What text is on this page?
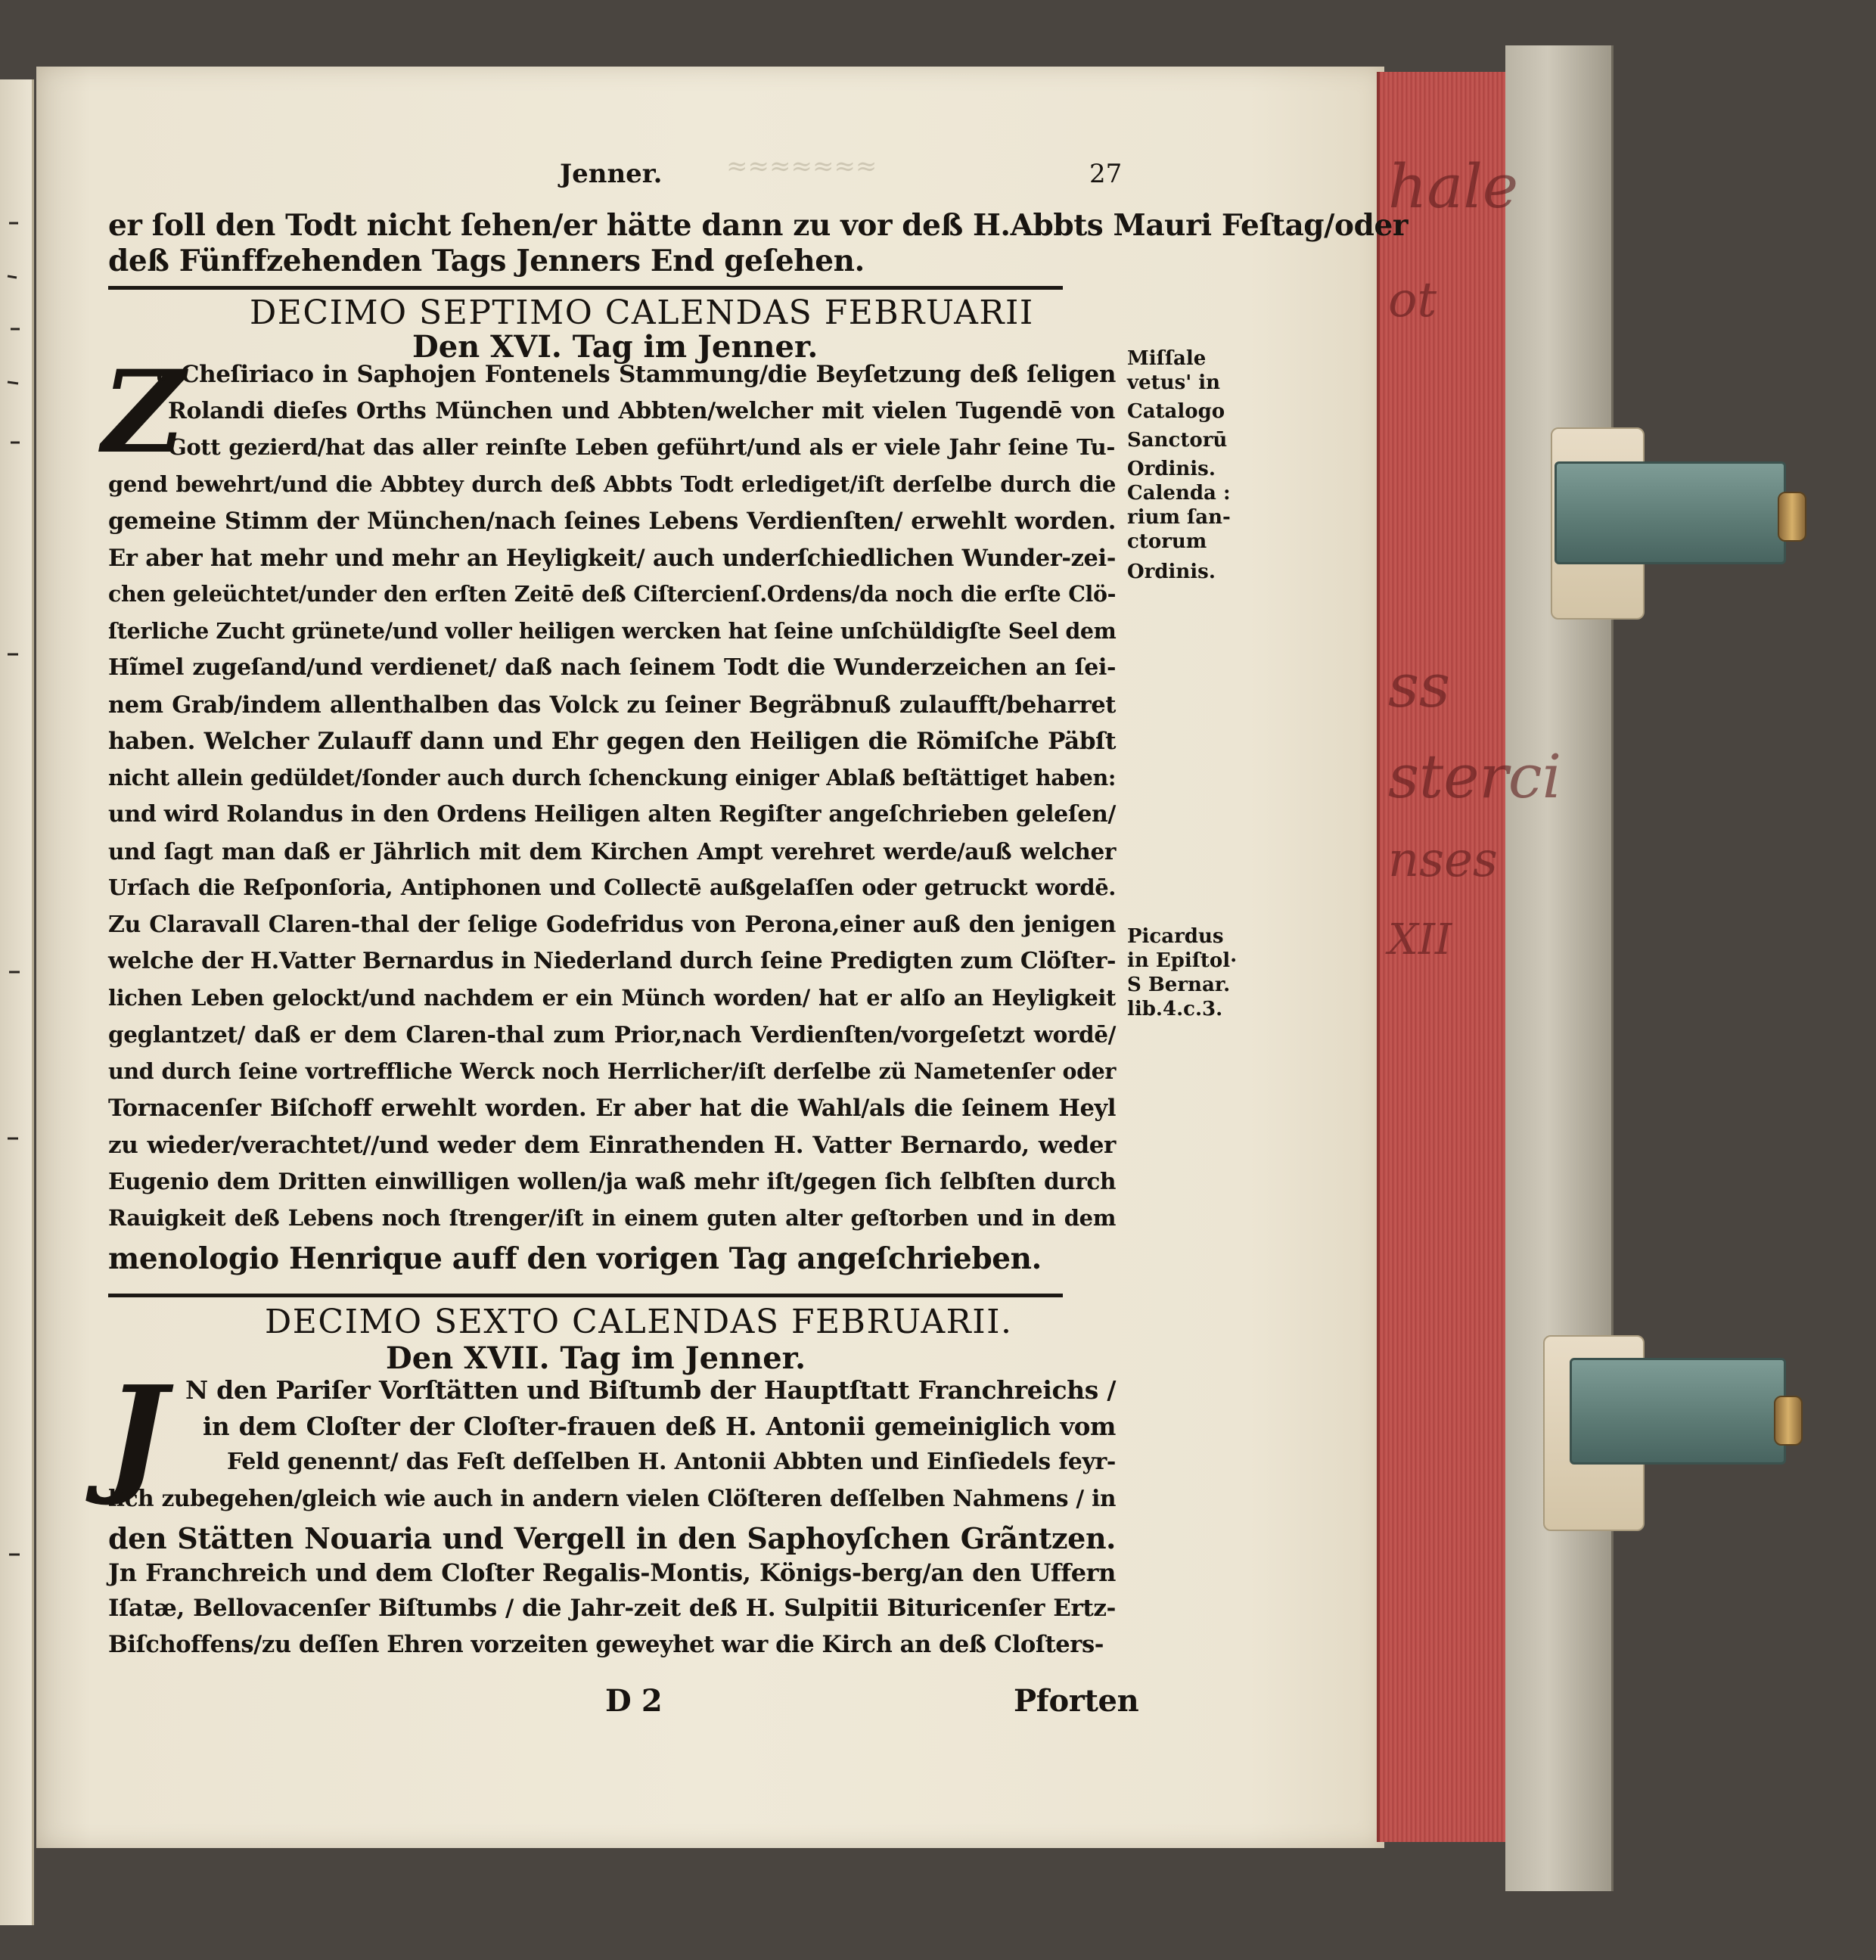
hale
ot
ss
sterci
nses
XII
≈≈≈≈≈≈≈
Jenner.	27
er ſoll den Todt nicht ſehen/er hätte dann zu vor deß H.Abbts Mauri Feſtag/oder
deß Fünffzehenden Tags Jenners End geſehen.
DECIMO SEPTIMO CALENDAS FEBRUARII
Den XVI. Tag im Jenner.
Z
u Cheſiriaco in Saphojen Fontenels Stammung/die Beyſetzung deß ſeligen
Rolandi dieſes Orths München und Abbten/welcher mit vielen Tugendē von
Gott gezierd/hat das aller reinſte Leben geführt/und als er viele Jahr ſeine Tu-
gend bewehrt/und die Abbtey durch deß Abbts Todt erlediget/iſt derſelbe durch die
gemeine Stimm der München/nach ſeines Lebens Verdienſten/ erwehlt worden.
Er aber hat mehr und mehr an Heyligkeit/ auch underſchiedlichen Wunder-zei-
chen geleüchtet/under den erſten Zeitē deß Ciſtercienſ.Ordens/da noch die erſte Clö-
ſterliche Zucht grünete/und voller heiligen wercken hat ſeine unſchüldigſte Seel dem
Hĩmel zugeſand/und verdienet/ daß nach ſeinem Todt die Wunderzeichen an ſei-
nem Grab/indem allenthalben das Volck zu ſeiner Begräbnuß zulaufft/beharret
haben. Welcher Zulauff dann und Ehr gegen den Heiligen die Römiſche Päbſt
nicht allein gedüldet/ſonder auch durch ſchenckung einiger Ablaß beſtättiget haben:
und wird Rolandus in den Ordens Heiligen alten Regiſter angeſchrieben geleſen/
und ſagt man daß er Jährlich mit dem Kirchen Ampt verehret werde/auß welcher
Urſach die Reſponſoria, Antiphonen und Collectē außgelaſſen oder getruckt wordē.
Zu Claravall Claren-thal der ſelige Godefridus von Perona,einer auß den jenigen
welche der H.Vatter Bernardus in Niederland durch ſeine Predigten zum Clöſter-
lichen Leben gelockt/und nachdem er ein Münch worden/ hat er alſo an Heyligkeit
geglantzet/ daß er dem Claren-thal zum Prior,nach Verdienſten/vorgeſetzt wordē/
und durch ſeine vortreffliche Werck noch Herrlicher/iſt derſelbe zü Nametenſer oder
Tornacenſer Biſchoff erwehlt worden. Er aber hat die Wahl/als die ſeinem Heyl
zu wieder/verachtet//und weder dem Einrathenden H. Vatter Bernardo, weder
Eugenio dem Dritten einwilligen wollen/ja waß mehr iſt/gegen ſich ſelbſten durch
Rauigkeit deß Lebens noch ſtrenger/iſt in einem guten alter geſtorben und in dem
menologio Henrique auff den vorigen Tag angeſchrieben.
Miſſale
vetus' in
Catalogo
Sanctorū
Ordinis.
Calenda :
rium ſan-
ctorum
Ordinis.
Picardus
in Epiſtol·
S Bernar.
lib.4.c.3.
DECIMO SEXTO CALENDAS FEBRUARII.
Den XVII. Tag im Jenner.
J N den Pariſer Vorſtätten und Biſtumb der Hauptſtatt Franchreichs /
in dem Cloſter der Cloſter-frauen deß H. Antonii gemeiniglich vom
Feld genennt/ das Feſt deſſelben H. Antonii Abbten und Einſiedels feyr-
lich zubegehen/gleich wie auch in andern vielen Clöſteren deſſelben Nahmens / in
den Stätten Nouaria und Vergell in den Saphoyſchen Grãntzen.
Jn Franchreich und dem Cloſter Regalis-Montis, Königs-berg/an den Uffern
Iſatæ, Bellovacenſer Biſtumbs / die Jahr-zeit deß H. Sulpitii Bituricenſer Ertz-
Biſchoffens/zu deſſen Ehren vorzeiten geweyhet war die Kirch an deß Cloſters-
D 2	Pforten
